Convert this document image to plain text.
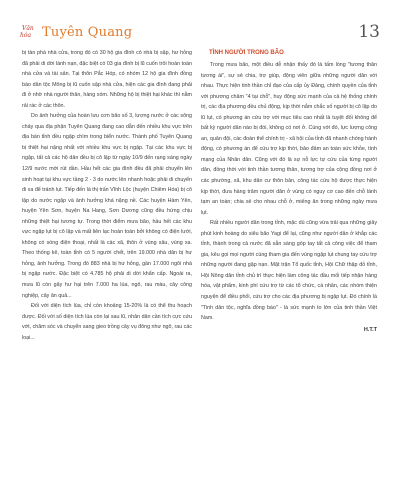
Văn
hóa Tuyên Quang	13

bị tàn phá nhà cửa, trong đó có 30 hộ gia đình có nhà bị sập, hư hỏng đã phải di dời lánh nạn, đặc biệt có 03 gia đình bị lũ cuốn trôi hoàn toàn nhà cửa và tài sản. Tại thôn Pắc Hóp, có nhóm 12 hộ gia đình đồng bào dân tộc Mông bị lũ cuốn sập nhà cửa, hiện các gia đình đang phải đi ở nhờ nhà người thân, hàng xóm. Những hộ bị thiệt hại khác thì nằm rải rác ở các thôn.

Do ảnh hưởng của hoàn lưu cơn bão số 3, lượng nước ở các sông chảy qua địa phận Tuyên Quang đang cao dẫn đến nhiều khu vực trên địa bàn tỉnh đều ngập chìm trong biển nước. Thành phố Tuyên Quang bị thiệt hại nặng nhất với nhiều khu vực bị ngập. Tại các khu vực bị ngập, tất cả các hộ dân đều bị cô lập từ ngày 10/9 đến rạng sáng ngày 12/9 nước mới rút dần. Hầu hết các gia đình đều đã phải chuyển lên sinh hoạt tại khu vực tầng 2 - 3 do nước lên nhanh hoặc phải di chuyển đi xa để tránh lụt. Tiếp đến là thị trấn Vĩnh Lộc (huyện Chiêm Hóa) bị cô lập do nước ngập và ảnh hưởng khá nặng nề. Các huyện Hàm Yên, huyện Yên Sơn, huyện Na Hang, Sơn Dương cũng đều hứng chịu những thiệt hại tương tự. Trong thời điểm mưa bão, hầu hết các khu vực ngập lụt bị cô lập và mất liên lạc hoàn toàn bởi không có điện lưới, không có sóng điện thoại, nhất là các xã, thôn ở vùng sâu, vùng xa. Theo thống kê, toàn tỉnh có 5 người chết, trên 19.000 nhà dân bị hư hỏng, ảnh hưởng. Trong đó 883 nhà bị hư hỏng, gần 17.000 ngôi nhà bị ngập nước. Đặc biệt có 4.785 hộ phải di dời khẩn cấp. Ngoài ra, mưa lũ còn gây hư hại trên 7.000 ha lúa, ngô, rau màu, cây công nghiệp, cây ăn quả...

Đối với diện tích lúa, chỉ còn khoảng 15-20% là có thể thu hoạch được. Đối với số diện tích lúa còn lại sau lũ, nhân dân cần tích cực cứu vớt, chăm sóc và chuyển sang gieo trồng cây vụ đông như ngô, rau các loại...

TÌNH NGƯỜI TRONG BÃO

Trong mưa bão, một điều dễ nhận thấy đó là tấm lòng "tương thân tương ái", sự sẻ chia, trợ giúp, động viên giữa những người dân với nhau. Thực hiện tinh thần chỉ đạo của cấp ủy Đảng, chính quyền của tỉnh với phương châm "4 tại chỗ", huy động sức mạnh của cả hệ thống chính trị, các địa phương đều chủ động, kịp thời nắm chắc số người bị cô lập do lũ lụt, có phương án cứu trợ với mục tiêu cao nhất là tuyệt đối không để bất kỳ người dân nào bị đói, không có nơi ở. Cùng với đó, lực lượng công an, quân đội, các đoàn thể chính trị - xã hội của tỉnh đã nhanh chóng hành động, có phương án để cứu trợ kịp thời, bảo đảm an toàn sức khỏe, tính mạng của Nhân dân. Cũng với đó là sự nỗ lực tự cứu của từng người dân, đồng thời với tinh thần tương thân, tương trợ của cộng đồng nơi ở các phường, xã, khu dân cư thôn bản, công tác cứu hộ được thực hiện kịp thời, đưa hàng trăm người dân ở vùng có nguy cơ cao đến chỗ lánh tạm an toàn; chia sẻ cho nhau chỗ ở, miếng ăn trong những ngày mưa lụt.

Rất nhiều người dân trong tỉnh, mặc dù cũng vừa trải qua những giây phút kinh hoàng do siêu bão Yagi để lại, cũng như người dân ở khắp các tỉnh, thành trong cả nước đã sẵn sàng góp tay tất cả công việc để tham gia, kêu gọi mọi người cùng tham gia đến vùng ngập lụt chung tay cứu trợ những người đang gặp nạn. Mặt trận Tổ quốc tỉnh, Hội Chữ thập đỏ tỉnh, Hội Nông dân tỉnh chủ trì thực hiện làm công tác đầu mối tiếp nhận hàng hóa, vật phẩm, kinh phí cứu trợ từ các tổ chức, cá nhân, các nhóm thiện nguyện để điều phối, cứu trợ cho các địa phương bị ngập lụt. Đó chính là "Tinh dân tộc, nghĩa đồng bào" - là sức mạnh to lớn của tinh thần Việt Nam.

H.T.T
